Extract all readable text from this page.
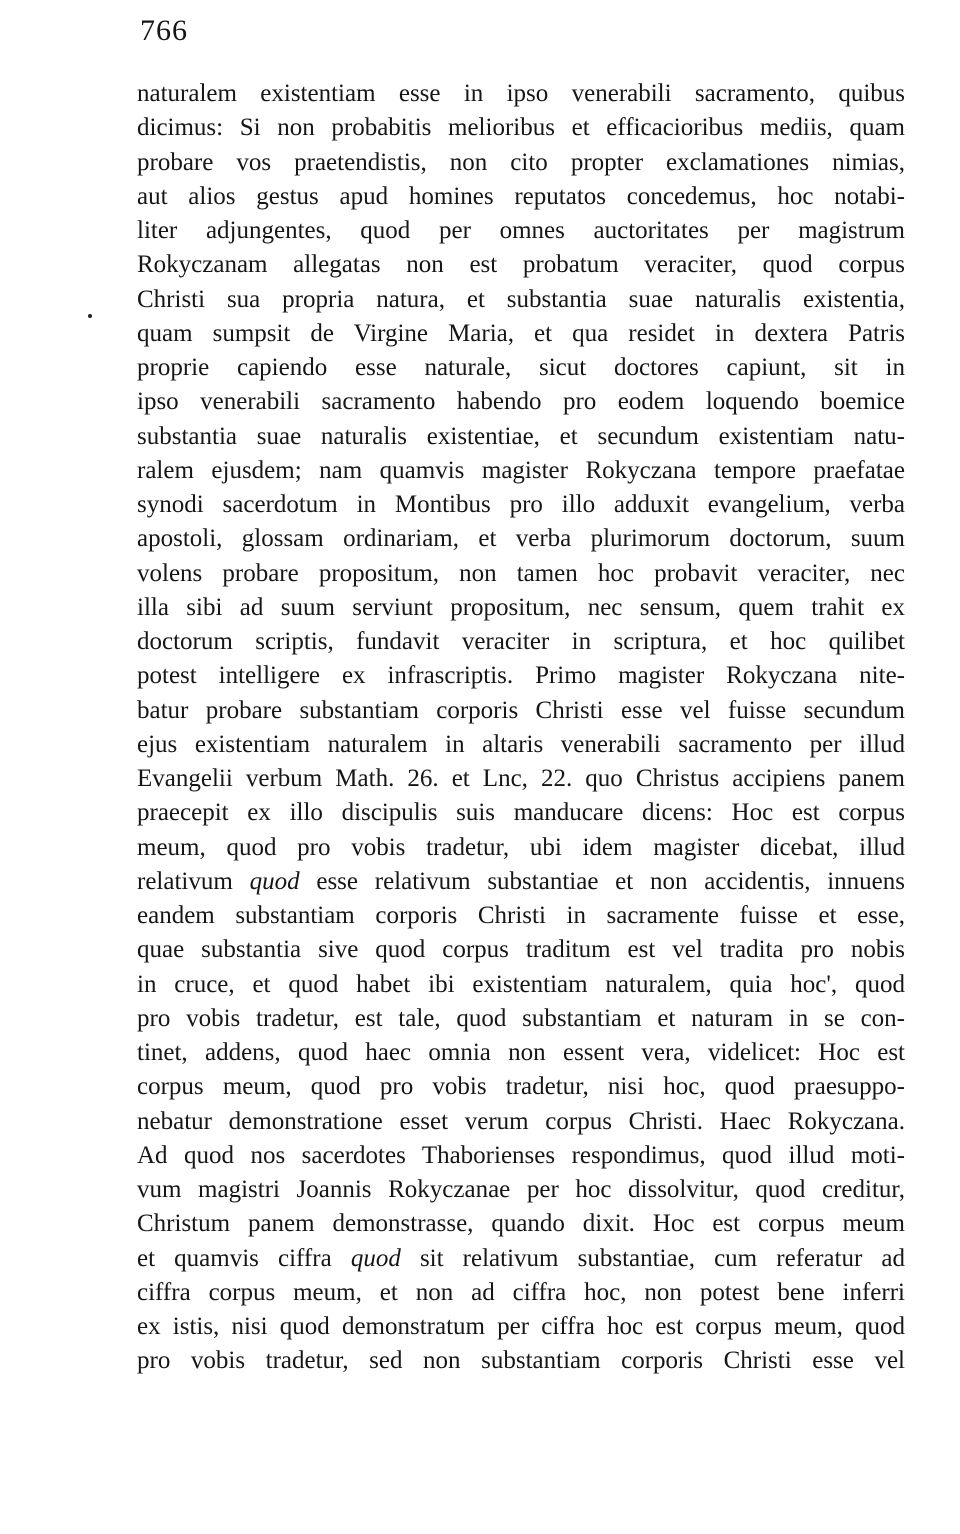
766
naturalem existentiam esse in ipso venerabili sacramento, quibus
dicimus: Si non probabitis melioribus et efficacioribus mediis, quam
probare vos praetendistis, non cito propter exclamationes nimias,
aut alios gestus apud homines reputatos concedemus, hoc notabi-
liter adjungentes, quod per omnes auctoritates per magistrum
Rokyczanam allegatas non est probatum veraciter, quod corpus
Christi sua propria natura, et substantia suae naturalis existentia,
quam sumpsit de Virgine Maria, et qua residet in dextera Patris
proprie capiendo esse naturale, sicut doctores capiunt, sit in
ipso venerabili sacramento habendo pro eodem loquendo boemice
substantia suae naturalis existentiae, et secundum existentiam natu-
ralem ejusdem; nam quamvis magister Rokyczana tempore praefatae
synodi sacerdotum in Montibus pro illo adduxit evangelium, verba
apostoli, glossam ordinariam, et verba plurimorum doctorum, suum
volens probare propositum, non tamen hoc probavit veraciter, nec
illa sibi ad suum serviunt propositum, nec sensum, quem trahit ex
doctorum scriptis, fundavit veraciter in scriptura, et hoc quilibet
potest intelligere ex infrascriptis. Primo magister Rokyczana nite-
batur probare substantiam corporis Christi esse vel fuisse secundum
ejus existentiam naturalem in altaris venerabili sacramento per illud
Evangelii verbum Math. 26. et Lnc, 22. quo Christus accipiens panem
praecepit ex illo discipulis suis manducare dicens: Hoc est corpus
meum, quod pro vobis tradetur, ubi idem magister dicebat, illud
relativum quod esse relativum substantiae et non accidentis, innuens
eandem substantiam corporis Christi in sacramente fuisse et esse,
quae substantia sive quod corpus traditum est vel tradita pro nobis
in cruce, et quod habet ibi existentiam naturalem, quia hoc', quod
pro vobis tradetur, est tale, quod substantiam et naturam in se con-
tinet, addens, quod haec omnia non essent vera, videlicet: Hoc est
corpus meum, quod pro vobis tradetur, nisi hoc, quod praesuppo-
nebatur demonstratione esset verum corpus Christi. Haec Rokyczana.
Ad quod nos sacerdotes Thaborienses respondimus, quod illud moti-
vum magistri Joannis Rokyczanae per hoc dissolvitur, quod creditur,
Christum panem demonstrasse, quando dixit. Hoc est corpus meum
et quamvis ciffra quod sit relativum substantiae, cum referatur ad
ciffra corpus meum, et non ad ciffra hoc, non potest bene inferri
ex istis, nisi quod demonstratum per ciffra hoc est corpus meum, quod
pro vobis tradetur, sed non substantiam corporis Christi esse vel
